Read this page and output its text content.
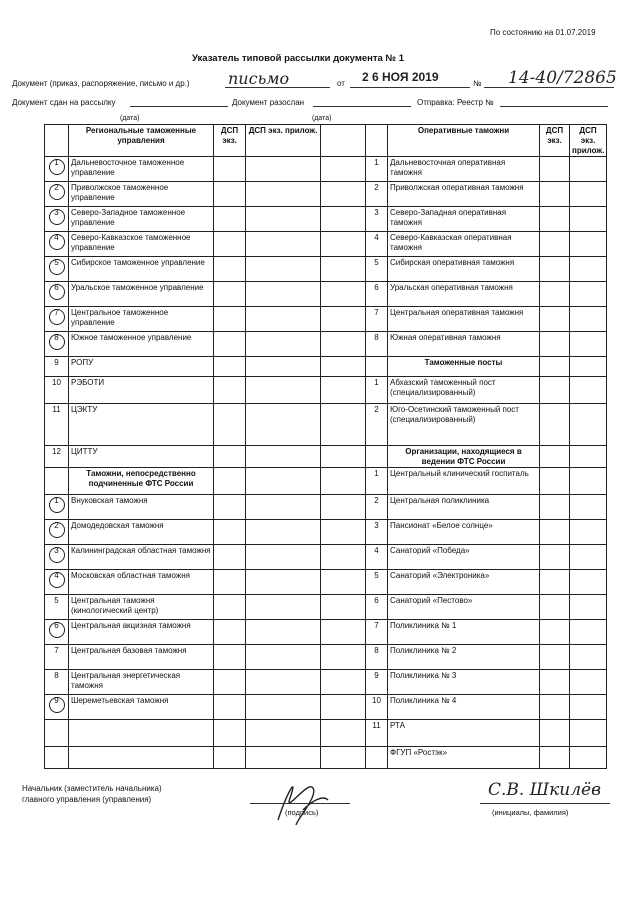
По состоянию на 01.07.2019
Указатель типовой рассылки документа № 1
Документ (приказ, распоряжение, письмо и др.) письмо	от 2 6 НОЯ 2019	№ 14-40/72865
Документ сдан на рассылку	Документ разослан	Отправка: Реестр №
(дата)	(дата)
	Региональные таможенные управления	ДСП экз.	ДСП экз. прилож.			Оперативные таможни	ДСП экз.	ДСП экз. прилож.
1	Дальневосточное таможенное управление				1	Дальневосточная оперативная таможня		
2	Приволжское таможенное управление				2	Приволжская оперативная таможня		
3	Северо-Западное таможенное управление				3	Северо-Западная оперативная таможня		
4	Северо-Кавказское таможенное управление				4	Северо-Кавказская оперативная таможня		
5	Сибирское таможенное управление				5	Сибирская оперативная таможня		
6	Уральское таможенное управление				6	Уральская оперативная таможня		
7	Центральное таможенное управление				7	Центральная оперативная таможня		
8	Южное таможенное управление				8	Южная оперативная таможня		
9	РОПУ					Таможенные посты		
10	РЭБОТИ				1	Абхазский таможенный пост (специализированный)		
11	ЦЭКТУ				2	Юго-Осетинский таможенный пост (специализированный)		
12	ЦИТТУ					Организации, находящиеся в ведении ФТС России		
	Таможни, непосредственно подчиненные ФТС России				1	Центральный клинический госпиталь		
1	Внуковская таможня				2	Центральная поликлиника		
2	Домодедовская таможня				3	Пансионат «Белое солнце»		
3	Калининградская областная таможня				4	Санаторий «Победа»		
4	Московская областная таможня				5	Санаторий «Электроника»		
5	Центральная таможня (кинологический центр)				6	Санаторий «Пестово»		
6	Центральная акцизная таможня				7	Поликлиника № 1		
7	Центральная базовая таможня				8	Поликлиника № 2		
8	Центральная энергетическая таможня				9	Поликлиника № 3		
9	Шереметьевская таможня				10	Поликлиника № 4		
					11	РТА		
						ФГУП «Ростэк»		
Начальник (заместитель начальника)
главного управления (управления)
(подпись)
С.В. Шкилёв
(инициалы, фамилия)
